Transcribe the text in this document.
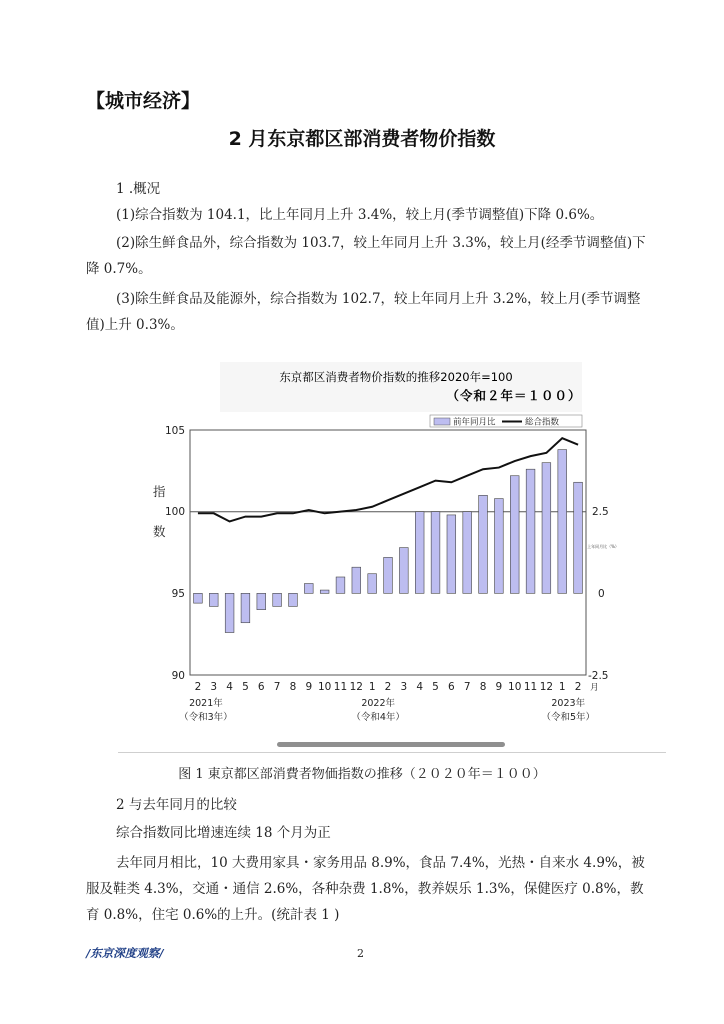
【城市经济】
2 月东京都区部消费者物价指数
1 .概况
(1)综合指数为 104.1，比上年同月上升 3.4%，较上月(季节调整值)下降 0.6%。
(2)除生鲜食品外，综合指数为 103.7，较上年同月上升 3.3%，较上月(经季节调整值)下降 0.7%。
(3)除生鲜食品及能源外，综合指数为 102.7，较上年同月上升 3.2%，较上月(季节调整值)上升 0.3%。
东京都区消费者物价指数的推移2020年=100
（令和２年＝１００）
105
100
95
90
指
数
2.5
0
-2.5
上年同月比（%）
前年同月比	総合指数
2 3 4 5 6 7 8 9 10 11 12 1 2 3 4 5 6 7 8 9 10 11 12 1 2 月
2021年
（令和3年）
2022年
（令和4年）
2023年
（令和5年）
图 1 東京都区部消費者物価指数の推移（２０２０年＝１００）
2 与去年同月的比较
综合指数同比增速连续 18 个月为正
去年同月相比，10 大费用家具・家务用品 8.9%，食品 7.4%，光热・自来水 4.9%，被服及鞋类 4.3%，交通・通信 2.6%，各种杂费 1.8%，教养娱乐 1.3%，保健医疗 0.8%，教育 0.8%，住宅 0.6%的上升。(统計表 1 )
/东京深度观察/	2
